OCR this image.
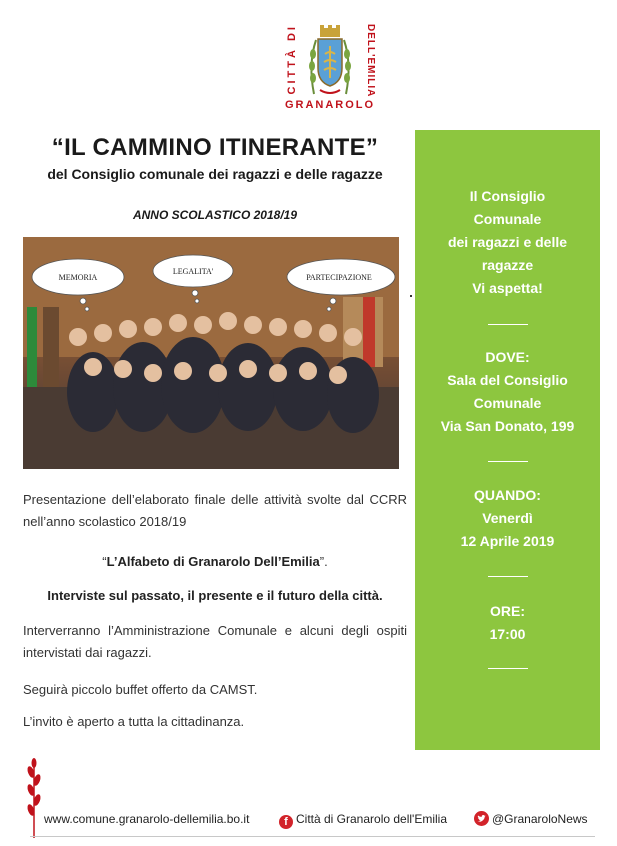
CITTÀ DI	DELL'EMILIA
GRANAROLO
“IL CAMMINO ITINERANTE”
del Consiglio comunale dei ragazzi e delle ragazze
ANNO SCOLASTICO 2018/19
MEMORIA
LEGALITA'
PARTECIPAZIONE
Presentazione dell’elaborato finale delle attività svolte dal CCRR nell’anno scolastico 2018/19
“L’Alfabeto di Granarolo Dell’Emilia”.
Interviste sul passato, il presente e il futuro della città.
Interverranno l’Amministrazione Comunale e alcuni degli ospiti intervistati dai ragazzi.
Seguirà piccolo buffet offerto da CAMST.
L’invito è aperto a tutta la cittadinanza.
Il Consiglio
Comunale
dei ragazzi e delle
ragazze
Vi aspetta!
DOVE:
Sala del Consiglio
Comunale
Via San Donato, 199
QUANDO:
Venerdì
12 Aprile 2019
ORE:
17:00
www.comune.granarolo-dellemilia.bo.it	f Città di Granarolo dell'Emilia	@GranaroloNews
